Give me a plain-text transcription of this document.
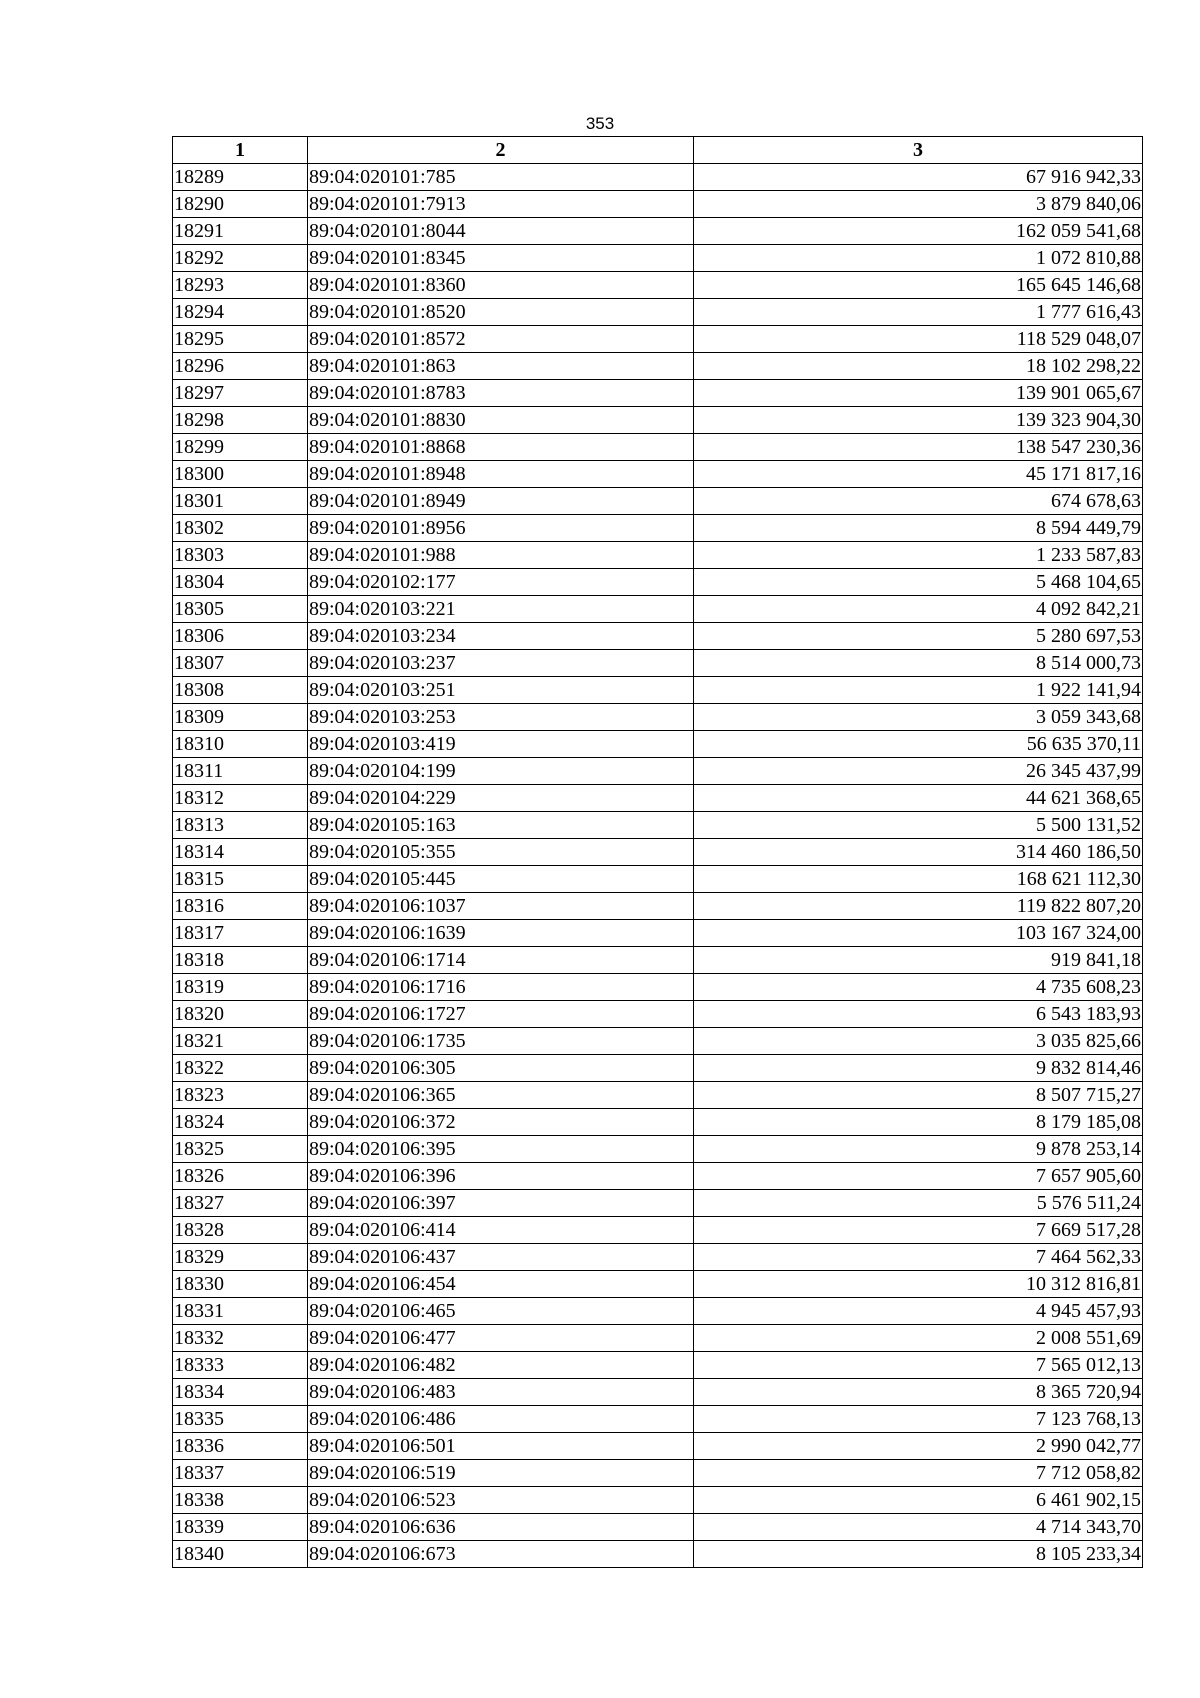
353
1	2	3
18289	89:04:020101:785	67 916 942,33
18290	89:04:020101:7913	3 879 840,06
18291	89:04:020101:8044	162 059 541,68
18292	89:04:020101:8345	1 072 810,88
18293	89:04:020101:8360	165 645 146,68
18294	89:04:020101:8520	1 777 616,43
18295	89:04:020101:8572	118 529 048,07
18296	89:04:020101:863	18 102 298,22
18297	89:04:020101:8783	139 901 065,67
18298	89:04:020101:8830	139 323 904,30
18299	89:04:020101:8868	138 547 230,36
18300	89:04:020101:8948	45 171 817,16
18301	89:04:020101:8949	674 678,63
18302	89:04:020101:8956	8 594 449,79
18303	89:04:020101:988	1 233 587,83
18304	89:04:020102:177	5 468 104,65
18305	89:04:020103:221	4 092 842,21
18306	89:04:020103:234	5 280 697,53
18307	89:04:020103:237	8 514 000,73
18308	89:04:020103:251	1 922 141,94
18309	89:04:020103:253	3 059 343,68
18310	89:04:020103:419	56 635 370,11
18311	89:04:020104:199	26 345 437,99
18312	89:04:020104:229	44 621 368,65
18313	89:04:020105:163	5 500 131,52
18314	89:04:020105:355	314 460 186,50
18315	89:04:020105:445	168 621 112,30
18316	89:04:020106:1037	119 822 807,20
18317	89:04:020106:1639	103 167 324,00
18318	89:04:020106:1714	919 841,18
18319	89:04:020106:1716	4 735 608,23
18320	89:04:020106:1727	6 543 183,93
18321	89:04:020106:1735	3 035 825,66
18322	89:04:020106:305	9 832 814,46
18323	89:04:020106:365	8 507 715,27
18324	89:04:020106:372	8 179 185,08
18325	89:04:020106:395	9 878 253,14
18326	89:04:020106:396	7 657 905,60
18327	89:04:020106:397	5 576 511,24
18328	89:04:020106:414	7 669 517,28
18329	89:04:020106:437	7 464 562,33
18330	89:04:020106:454	10 312 816,81
18331	89:04:020106:465	4 945 457,93
18332	89:04:020106:477	2 008 551,69
18333	89:04:020106:482	7 565 012,13
18334	89:04:020106:483	8 365 720,94
18335	89:04:020106:486	7 123 768,13
18336	89:04:020106:501	2 990 042,77
18337	89:04:020106:519	7 712 058,82
18338	89:04:020106:523	6 461 902,15
18339	89:04:020106:636	4 714 343,70
18340	89:04:020106:673	8 105 233,34
